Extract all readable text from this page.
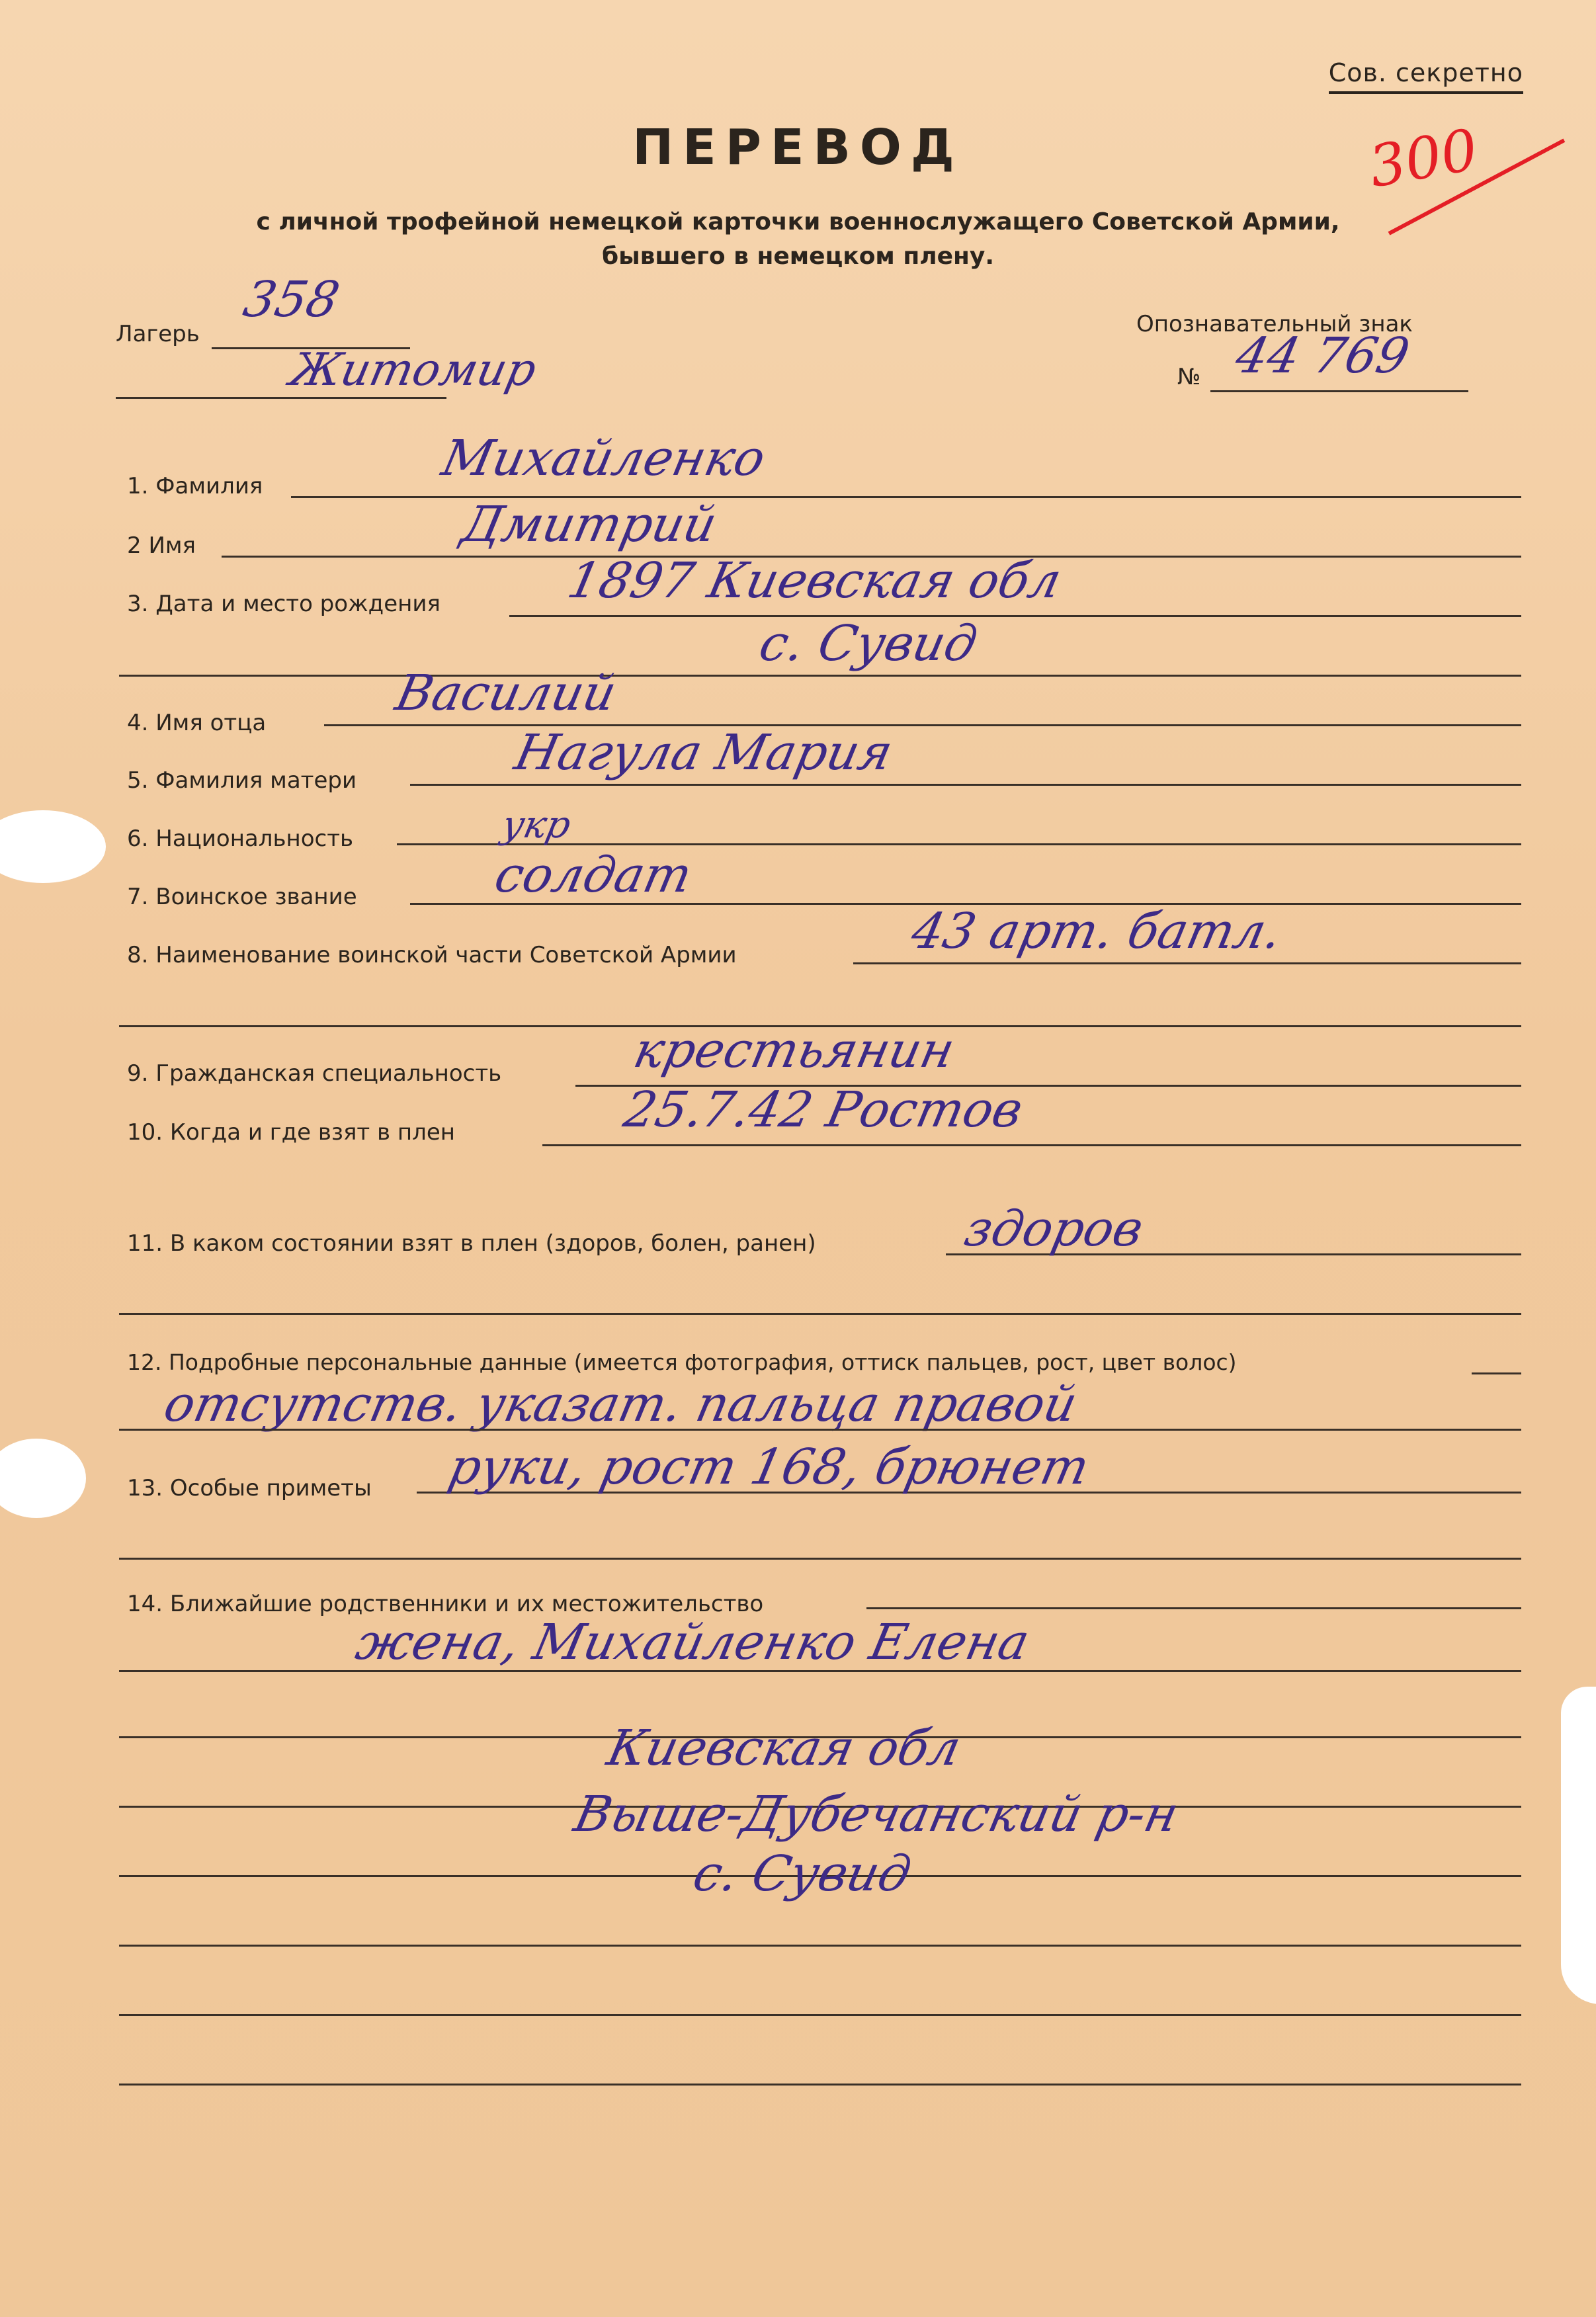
Сов. секретно
ПЕРЕВОД
с личной трофейной немецкой карточки военнослужащего Советской Армии,
бывшего в немецком плену.
300
Лагерь
358
Житомир
Опознавательный знак
№ 44 769
1. Фамилия	Михайленко
2 Имя	Дмитрий
3. Дата и место рождения 1897 Киевская обл
с. Сувид
4. Имя отца
Василий
5. Фамилия матери	Нагула Мария
6. Национальность	укр
7. Воинское звание	солдат
8. Наименование воинской части Советской Армии	43 арт. батл.
9. Гражданская специальность	крестьянин
10. Когда и где взят в плен	25.7.42 Ростов
11. В каком состоянии взят в плен (здоров, болен, ранен)	здоров
12. Подробные персональные данные (имеется фотография, оттиск пальцев, рост, цвет волос)
отсутств. указат. пальца правой
13. Особые приметы руки, рост 168, брюнет
14. Ближайшие родственники и их местожительство
жена, Михайленко Елена
Киевская обл
Выше-Дубечанский р-н
с. Сувид
